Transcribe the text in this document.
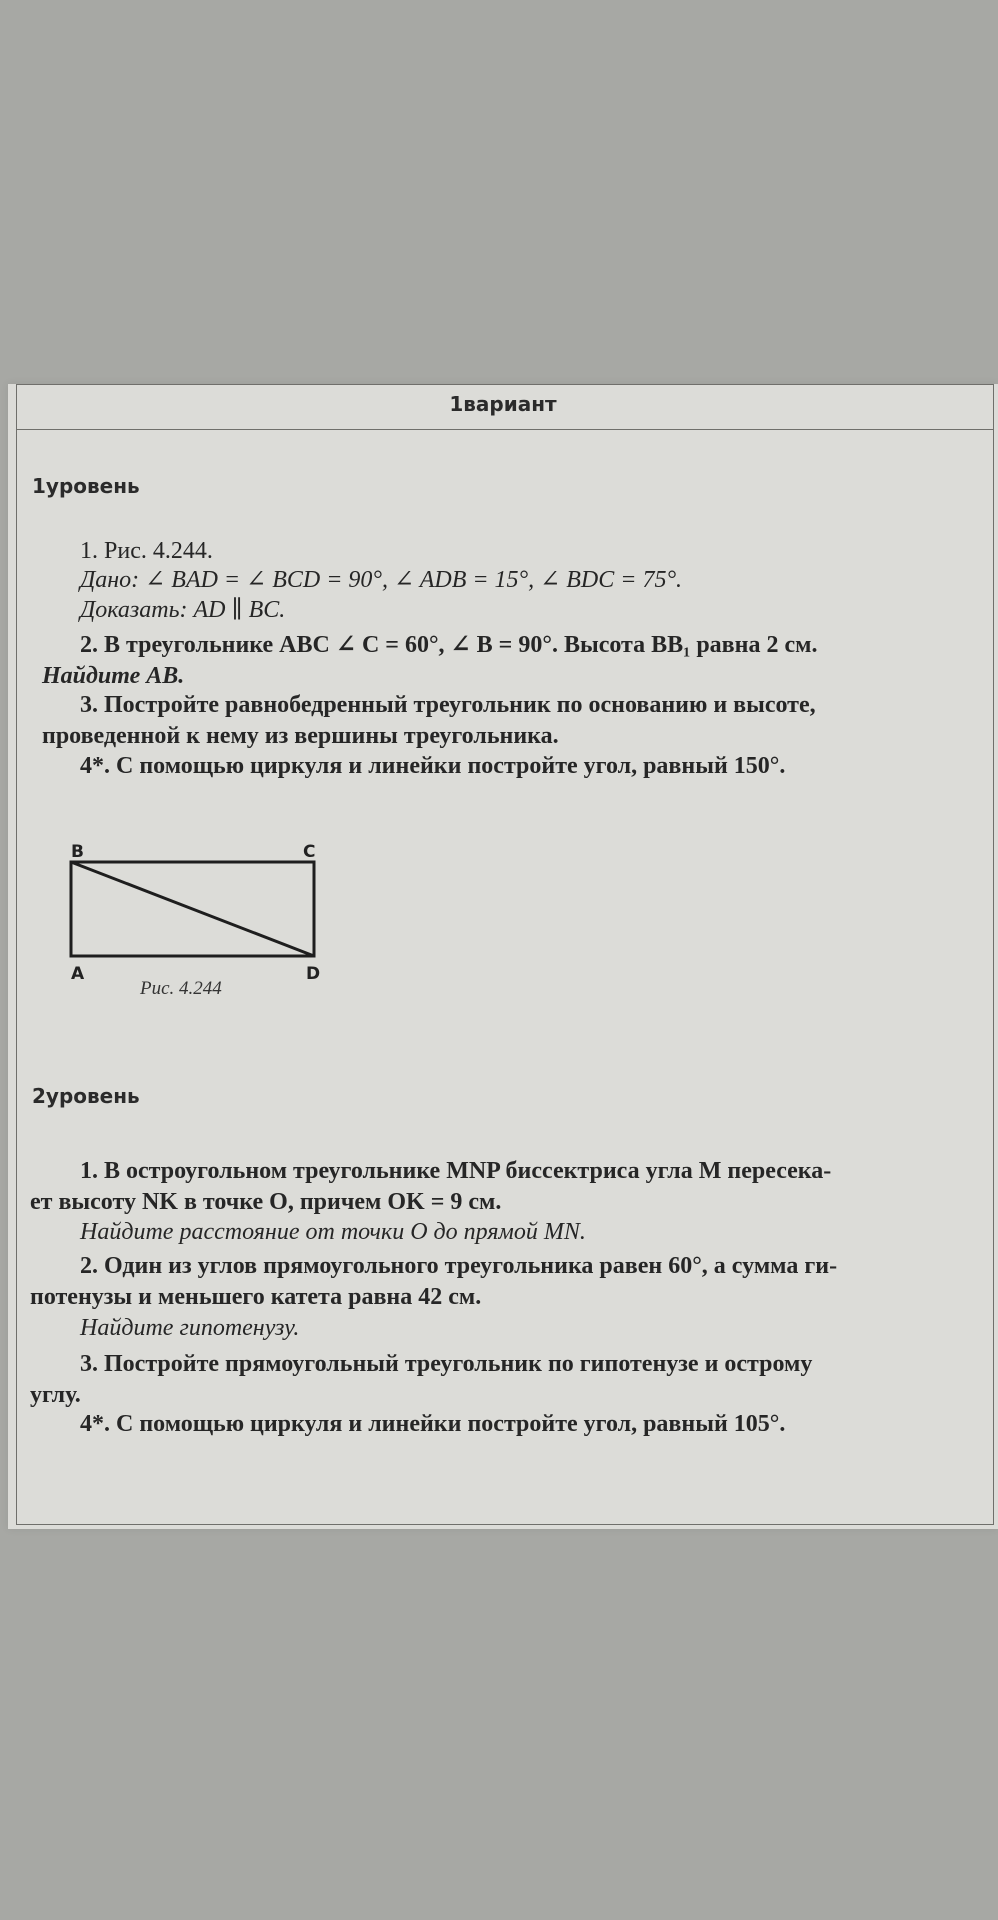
1вариант
1уровень
1. Рис. 4.244.
Дано: ∠ BAD = ∠ BCD = 90°, ∠ ADB = 15°, ∠ BDC = 75°.
Доказать: AD ∥ BC.
2. В треугольнике ABC ∠ C = 60°, ∠ B = 90°. Высота BB₁ равна 2 см.
Найдите AB.
3. Постройте равнобедренный треугольник по основанию и высоте,
проведенной к нему из вершины треугольника.
4*. С помощью циркуля и линейки постройте угол, равный 150°.
B	C
A	D
Рис. 4.244
2уровень
1. В остроугольном треугольнике MNP биссектриса угла M пересека-
ет высоту NK в точке O, причем OK = 9 см.
Найдите расстояние от точки O до прямой MN.
2. Один из углов прямоугольного треугольника равен 60°, а сумма ги-
потенузы и меньшего катета равна 42 см.
Найдите гипотенузу.
3. Постройте прямоугольный треугольник по гипотенузе и острому
углу.
4*. С помощью циркуля и линейки постройте угол, равный 105°.
